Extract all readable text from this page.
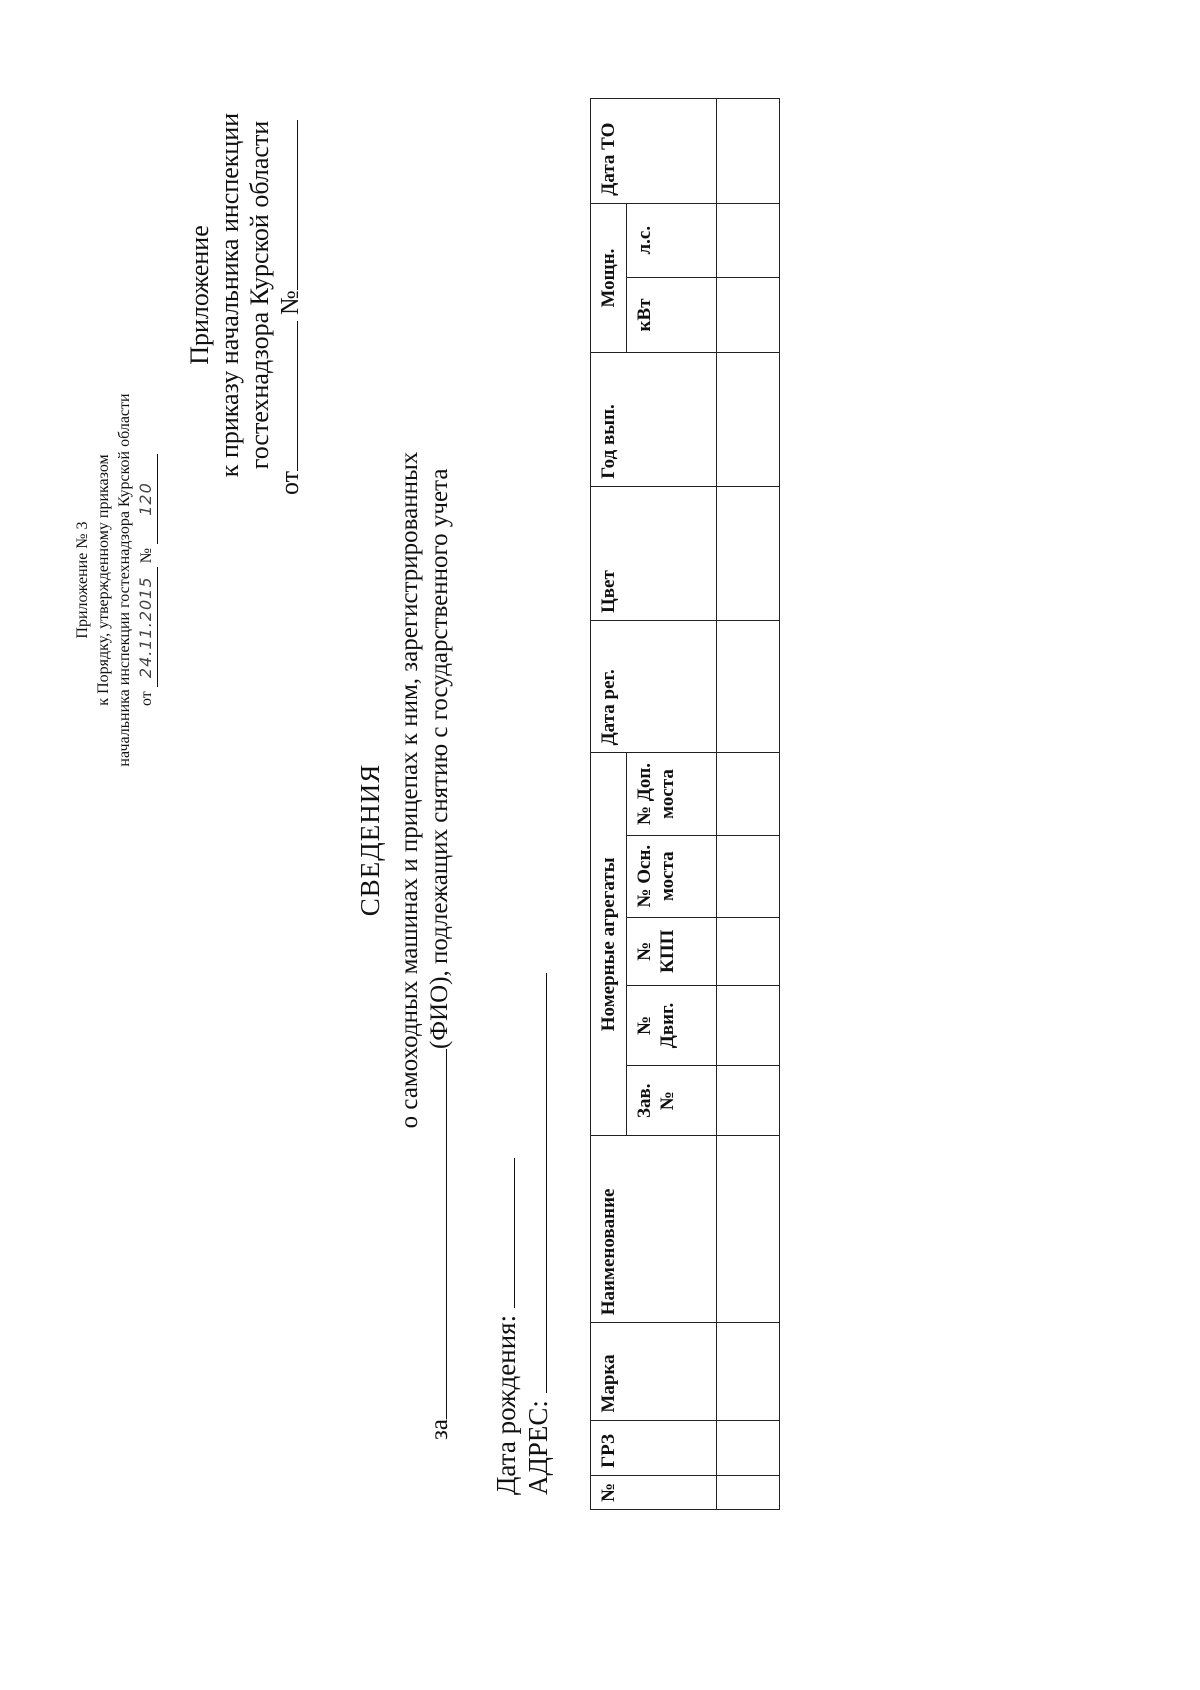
Приложение № 3 к Порядку, утвержденному приказом начальника инспекции гостехнадзора Курской области от 24.11.2015 № 120
Приложение к приказу начальника инспекции гостехнадзора Курской области
от№
СВЕДЕНИЯ о самоходных машинах и прицепах к ним, зарегистрированных
за(ФИО), подлежащих снятию с государственного учета
Дата рождения: АДРЕС: №	ГРЗ	Марка	Наименование	Номерные агрегаты					Дата рег.	Цвет	Год вып.	Мощн.		Дата ТО
				Зав. №	№ Двиг.	№ КПП	№ Осн. моста	№ Доп. моста				кВт	л.с.	
